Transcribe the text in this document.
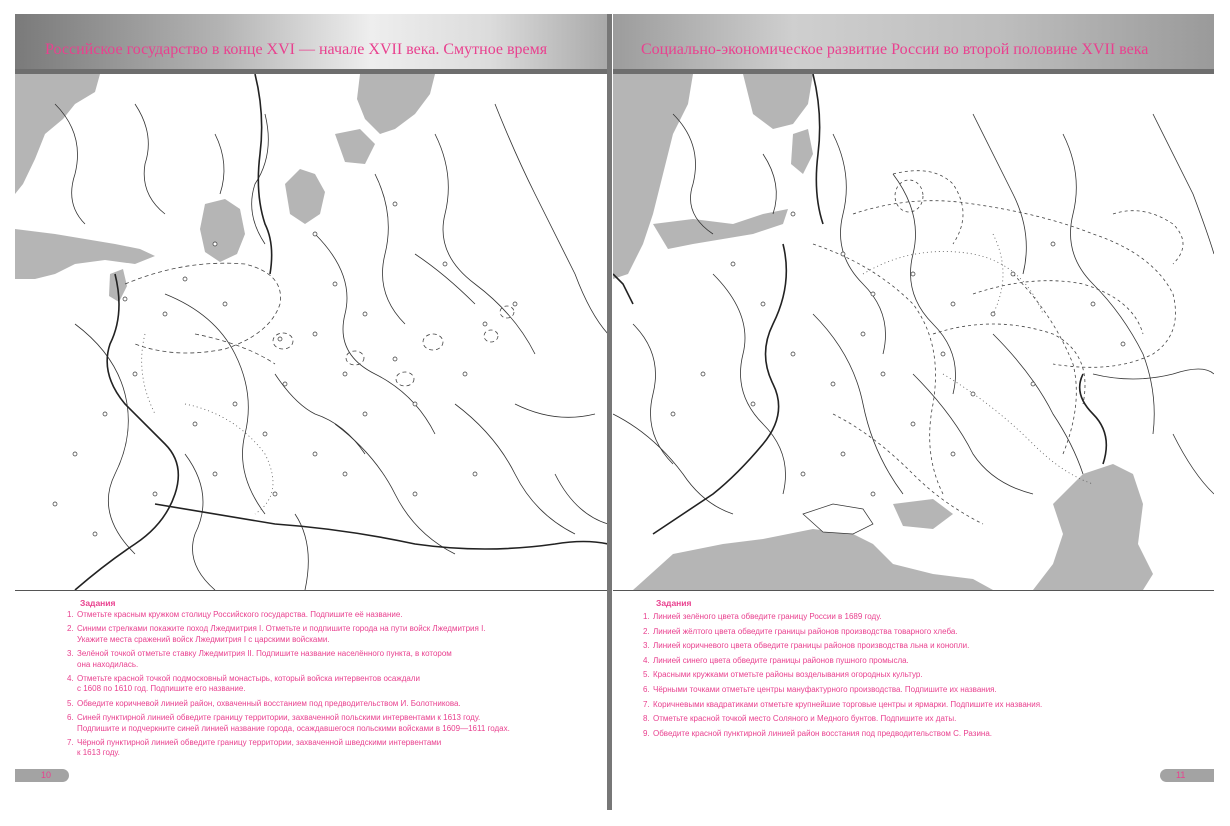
Российское государство в конце XVI — начале XVII века. Смутное время
Задания
1. Отметьте красным кружком столицу Российского государства. Подпишите её название.
2. Синими стрелками покажите поход Лжедмитрия I. Отметьте и подпишите города на пути войск Лжедмитрия I.
Укажите места сражений войск Лжедмитрия I с царскими войсками.
3. Зелёной точкой отметьте ставку Лжедмитрия II. Подпишите название населённого пункта, в котором
она находилась.
4. Отметьте красной точкой подмосковный монастырь, который войска интервентов осаждали
с 1608 по 1610 год. Подпишите его название.
5. Обведите коричневой линией район, охваченный восстанием под предводительством И. Болотникова.
6. Синей пунктирной линией обведите границу территории, захваченной польскими интервентами к 1613 году.
Подпишите и подчеркните синей линией название города, осаждавшегося польскими войсками в 1609—1611 годах.
7. Чёрной пунктирной линией обведите границу территории, захваченной шведскими интервентами
к 1613 году.
10
Социально-экономическое развитие России во второй половине XVII века
Задания
1. Линией зелёного цвета обведите границу России в 1689 году.
2. Линией жёлтого цвета обведите границы районов производства товарного хлеба.
3. Линией коричневого цвета обведите границы районов производства льна и конопли.
4. Линией синего цвета обведите границы районов пушного промысла.
5. Красными кружками отметьте районы возделывания огородных культур.
6. Чёрными точками отметьте центры мануфактурного производства. Подпишите их названия.
7. Коричневыми квадратиками отметьте крупнейшие торговые центры и ярмарки. Подпишите их названия.
8. Отметьте красной точкой место Соляного и Медного бунтов. Подпишите их даты.
9. Обведите красной пунктирной линией район восстания под предводительством С. Разина.
11
